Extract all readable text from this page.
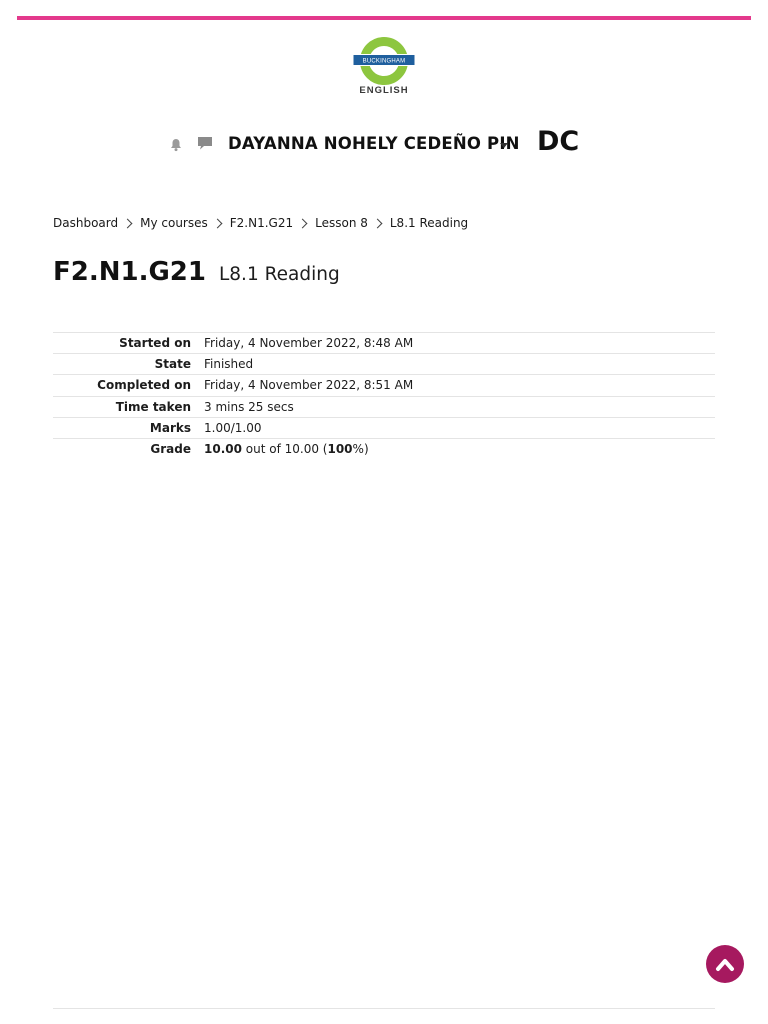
BUCKINGHAM
ENGLISH
DAYANNA NOHELY CEDEÑO PIN DC
Dashboard My courses F2.N1.G21 Lesson 8 L8.1 Reading
F2.N1.G21 L8.1 Reading
Started on	Friday, 4 November 2022, 8:48 AM
State	Finished
Completed on	Friday, 4 November 2022, 8:51 AM
Time taken	3 mins 25 secs
Marks	1.00/1.00
Grade	10.00 out of 10.00 (100%)
